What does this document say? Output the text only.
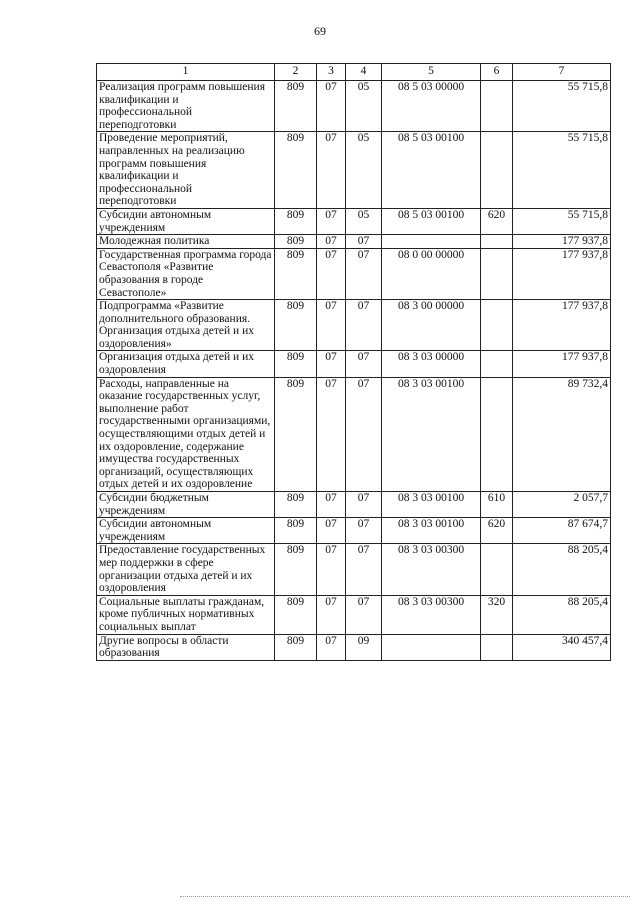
69
1	2	3	4	5	6	7
Реализация программ повышения квалификации и профессиональной переподготовки	809	07	05	08 5 03 00000		55 715,8
Проведение мероприятий, направленных на реализацию программ повышения квалификации и профессиональной переподготовки	809	07	05	08 5 03 00100		55 715,8
Субсидии автономным учреждениям	809	07	05	08 5 03 00100	620	55 715,8
Молодежная политика	809	07	07			177 937,8
Государственная программа города Севастополя «Развитие образования в городе Севастополе»	809	07	07	08 0 00 00000		177 937,8
Подпрограмма «Развитие дополнительного образования. Организация отдыха детей и их оздоровления»	809	07	07	08 3 00 00000		177 937,8
Организация отдыха детей и их оздоровления	809	07	07	08 3 03 00000		177 937,8
Расходы, направленные на оказание государственных услуг, выполнение работ государственными организациями, осуществляющими отдых детей и их оздоровление, содержание имущества государственных организаций, осуществляющих отдых детей и их оздоровление	809	07	07	08 3 03 00100		89 732,4
Субсидии бюджетным учреждениям	809	07	07	08 3 03 00100	610	2 057,7
Субсидии автономным учреждениям	809	07	07	08 3 03 00100	620	87 674,7
Предоставление государственных мер поддержки в сфере организации отдыха детей и их оздоровления	809	07	07	08 3 03 00300		88 205,4
Социальные выплаты гражданам, кроме публичных нормативных социальных выплат	809	07	07	08 3 03 00300	320	88 205,4
Другие вопросы в области образования	809	07	09			340 457,4
